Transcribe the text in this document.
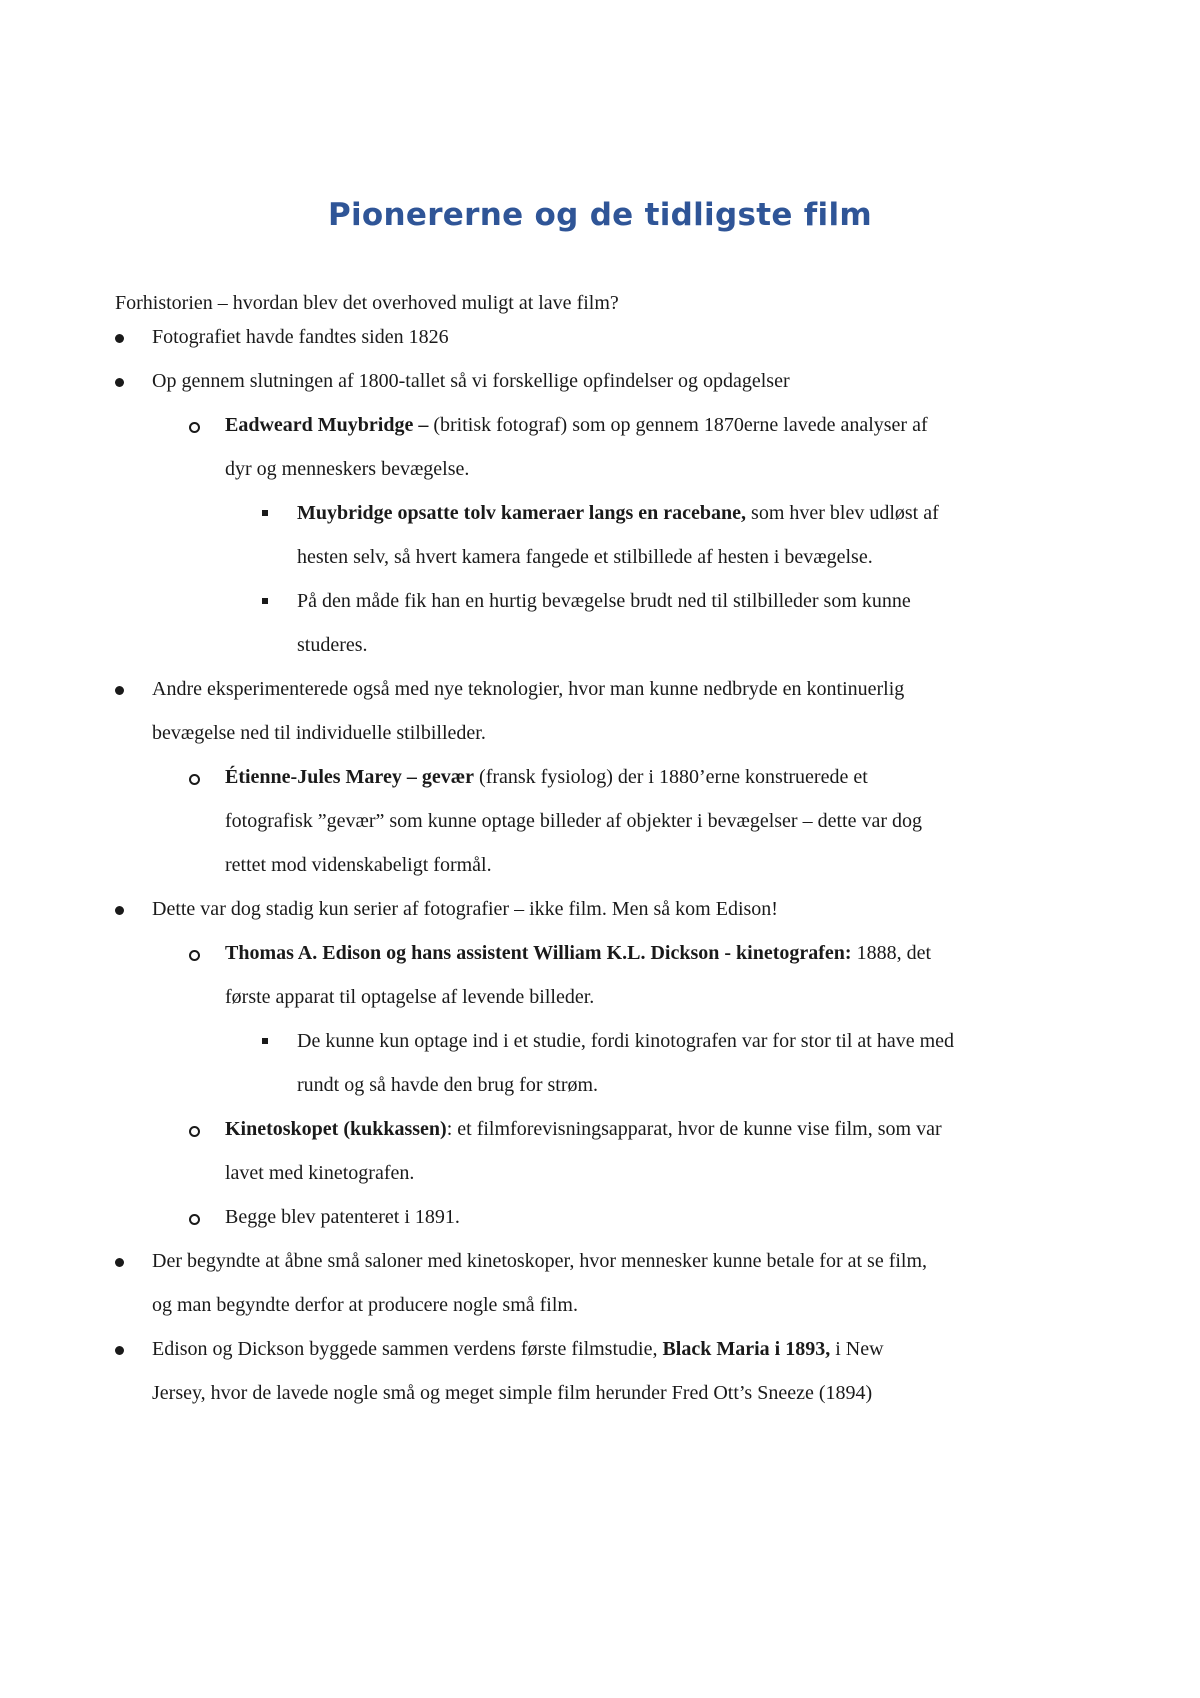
Pionererne og de tidligste film
Forhistorien – hvordan blev det overhoved muligt at lave film?
Fotografiet havde fandtes siden 1826
Op gennem slutningen af 1800-tallet så vi forskellige opfindelser og opdagelser
Eadweard Muybridge – (britisk fotograf) som op gennem 1870erne lavede analyser af
dyr og menneskers bevægelse.
Muybridge opsatte tolv kameraer langs en racebane, som hver blev udløst af
hesten selv, så hvert kamera fangede et stilbillede af hesten i bevægelse.
På den måde fik han en hurtig bevægelse brudt ned til stilbilleder som kunne
studeres.
Andre eksperimenterede også med nye teknologier, hvor man kunne nedbryde en kontinuerlig
bevægelse ned til individuelle stilbilleder.
Étienne-Jules Marey – gevær (fransk fysiolog) der i 1880’erne konstruerede et
fotografisk ”gevær” som kunne optage billeder af objekter i bevægelser – dette var dog
rettet mod videnskabeligt formål.
Dette var dog stadig kun serier af fotografier – ikke film. Men så kom Edison!
Thomas A. Edison og hans assistent William K.L. Dickson - kinetografen: 1888, det
første apparat til optagelse af levende billeder.
De kunne kun optage ind i et studie, fordi kinotografen var for stor til at have med
rundt og så havde den brug for strøm.
Kinetoskopet (kukkassen): et filmforevisningsapparat, hvor de kunne vise film, som var
lavet med kinetografen.
Begge blev patenteret i 1891.
Der begyndte at åbne små saloner med kinetoskoper, hvor mennesker kunne betale for at se film,
og man begyndte derfor at producere nogle små film.
Edison og Dickson byggede sammen verdens første filmstudie, Black Maria i 1893, i New
Jersey, hvor de lavede nogle små og meget simple film herunder Fred Ott’s Sneeze (1894)
